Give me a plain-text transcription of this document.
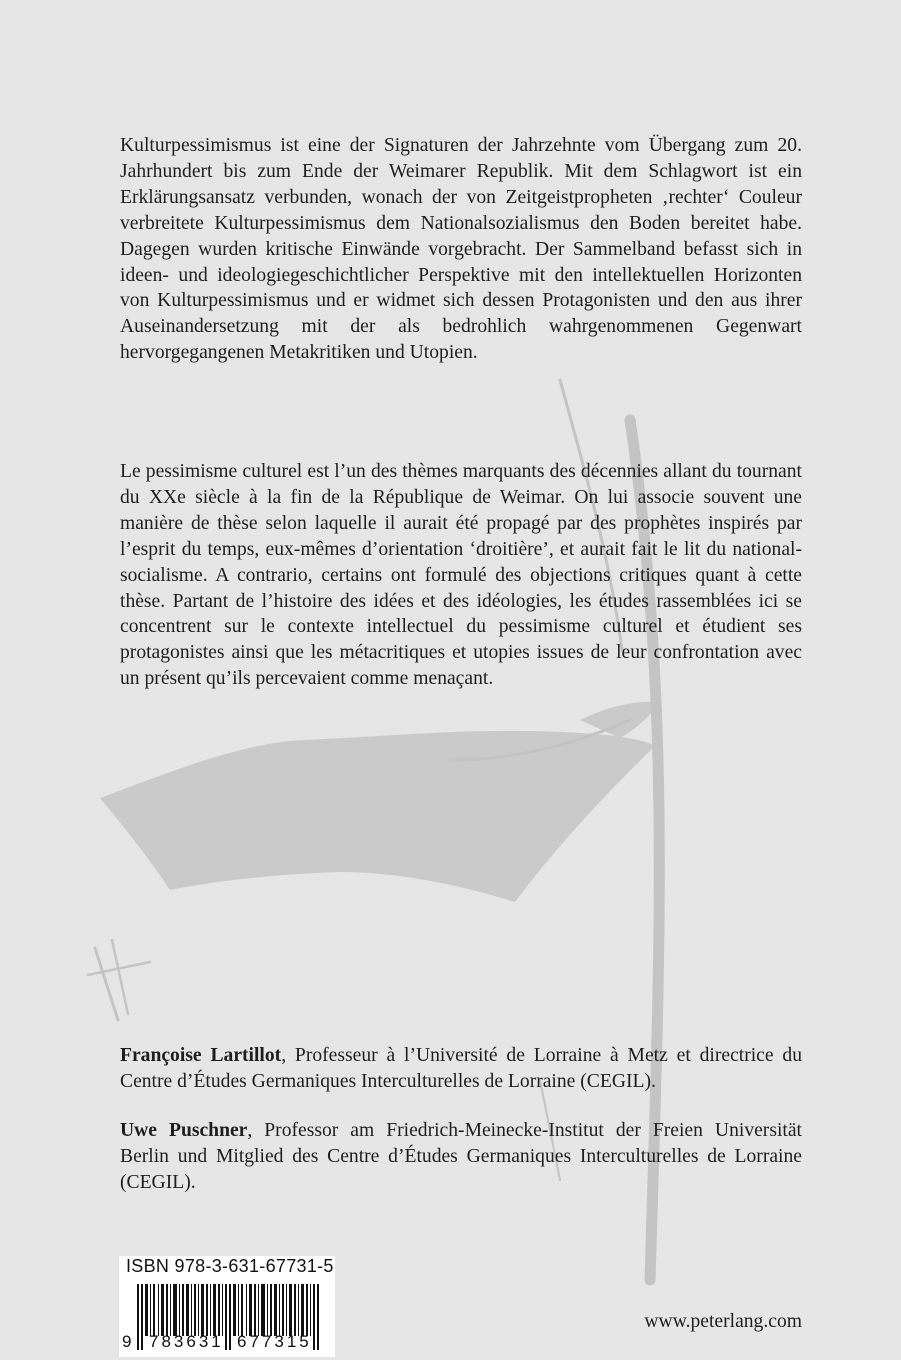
Kulturpessimismus ist eine der Signaturen der Jahrzehnte vom Übergang zum 20. Jahrhundert bis zum Ende der Weimarer Republik. Mit dem Schlagwort ist ein Erklärungsansatz verbunden, wonach der von Zeitgeistpropheten ‚rechter‘ Couleur verbreitete Kulturpessimismus dem Nationalsozialismus den Boden bereitet habe. Dagegen wurden kritische Einwände vorgebracht. Der Sammelband befasst sich in ideen- und ideologiegeschichtlicher Perspektive mit den intellektuellen Horizonten von Kulturpessimismus und er widmet sich dessen Protagonisten und den aus ihrer Auseinandersetzung mit der als bedrohlich wahrgenommenen Gegenwart hervorgegangenen Metakritiken und Utopien.

Le pessimisme culturel est l’un des thèmes marquants des décennies allant du tournant du XXe siècle à la fin de la République de Weimar. On lui associe souvent une manière de thèse selon laquelle il aurait été propagé par des prophètes inspirés par l’esprit du temps, eux-mêmes d’orientation ‘droitière’, et aurait fait le lit du national-socialisme. A contrario, certains ont formulé des objections critiques quant à cette thèse. Partant de l’histoire des idées et des idéologies, les études rassemblées ici se concentrent sur le contexte intellectuel du pessimisme culturel et étudient ses protagonistes ainsi que les métacritiques et utopies issues de leur confrontation avec un présent qu’ils percevaient comme menaçant.

Françoise Lartillot, Professeur à l’Université de Lorraine à Metz et directrice du Centre d’Études Germaniques Interculturelles de Lorraine (CEGIL).

Uwe Puschner, Professor am Friedrich-Meinecke-Institut der Freien Universität Berlin und Mitglied des Centre d’Études Germaniques Interculturelles de Lorraine (CEGIL).

ISBN 978-3-631-67731-5
9 783631 677315
www.peterlang.com
